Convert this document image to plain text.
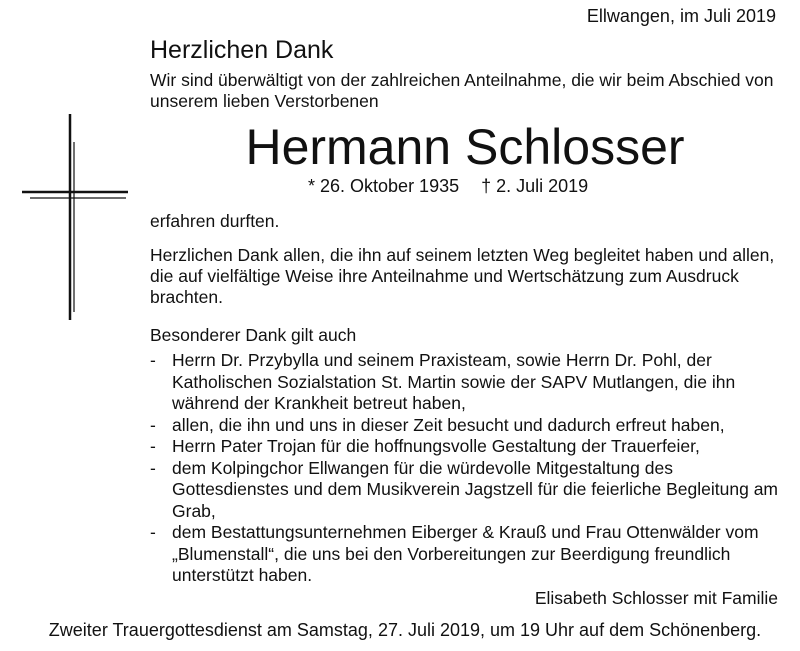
Ellwangen, im Juli 2019
Herzlichen Dank
Wir sind überwältigt von der zahlreichen Anteilnahme, die wir beim Abschied von unserem lieben Verstorbenen
Hermann Schlosser
* 26. Oktober 1935 † 2. Juli 2019
erfahren durften.
Herzlichen Dank allen, die ihn auf seinem letzten Weg begleitet haben und allen, die auf vielfältige Weise ihre Anteilnahme und Wertschätzung zum Ausdruck brachten.
Besonderer Dank gilt auch
- Herrn Dr. Przybylla und seinem Praxisteam, sowie Herrn Dr. Pohl, der Katholischen Sozialstation St. Martin sowie der SAPV Mutlangen, die ihn während der Krankheit betreut haben,
- allen, die ihn und uns in dieser Zeit besucht und dadurch erfreut haben,
- Herrn Pater Trojan für die hoffnungsvolle Gestaltung der Trauerfeier,
- dem Kolpingchor Ellwangen für die würdevolle Mitgestaltung des Gottesdienstes und dem Musikverein Jagstzell für die feierliche Begleitung am Grab,
- dem Bestattungsunternehmen Eiberger & Krauß und Frau Ottenwälder vom „Blumenstall“, die uns bei den Vorbereitungen zur Beerdigung freundlich unterstützt haben.
Elisabeth Schlosser mit Familie
Zweiter Trauergottesdienst am Samstag, 27. Juli 2019, um 19 Uhr auf dem Schönenberg.
